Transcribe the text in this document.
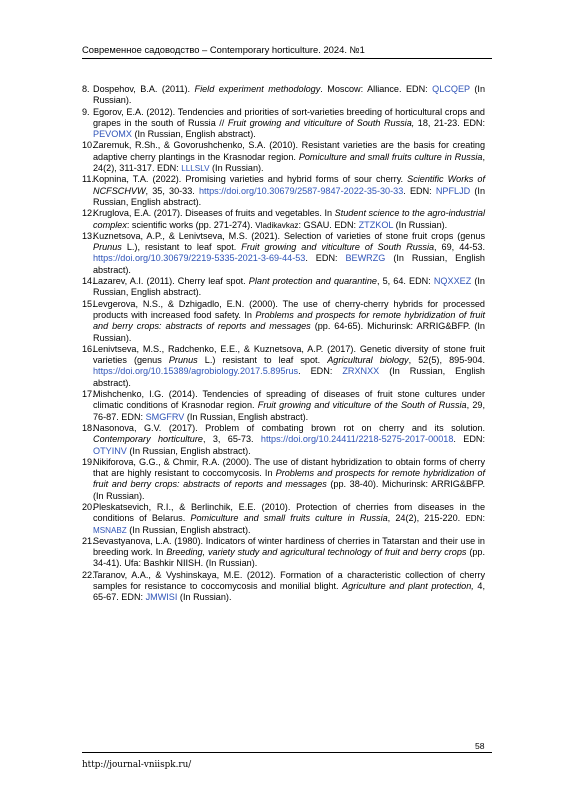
Современное садоводство – Contemporary horticulture. 2024. №1
8. Dospehov, B.A. (2011). Field experiment methodology. Moscow: Alliance. EDN: QLCQEP (In Russian).
9. Egorov, E.A. (2012). Tendencies and priorities of sort-varieties breeding of horticultural crops and grapes in the south of Russia // Fruit growing and viticulture of South Russia, 18, 21-23. EDN: PEVOMX (In Russian, English abstract).
10.
Zaremuk, R.Sh., & Govorushchenko, S.A. (2010). Resistant varieties are the basis for creating adaptive cherry plantings in the Krasnodar region. Pomiculture and small fruits culture in Russia, 24(2), 311-317. EDN: LLLSLV (In Russian).
11. Kopnina, T.A. (2022). Promising varieties and hybrid forms of sour cherry. Scientific Works of NCFSCHVW, 35, 30-33. https://doi.org/10.30679/2587-9847-2022-35-30-33. EDN: NPFLJD (In Russian, English abstract).
12.
Kruglova, E.A. (2017). Diseases of fruits and vegetables. In Student science to the agro-industrial complex: scientific works (pp. 271-274). Vladikavkaz: GSAU. EDN: ZTZKOL (In Russian).
13.
Kuznetsova, A.P., & Lenivtseva, M.S. (2021). Selection of varieties of stone fruit crops (genus Prunus L.), resistant to leaf spot. Fruit growing and viticulture of South Russia, 69, 44-53. https://doi.org/10.30679/2219-5335-2021-3-69-44-53. EDN: BEWRZG (In Russian, English abstract).
14.
Lazarev, A.I. (2011). Cherry leaf spot. Plant protection and quarantine, 5, 64. EDN: NQXXEZ (In Russian, English abstract).
15.
Levgerova, N.S., & Dzhigadlo, E.N. (2000). The use of cherry-cherry hybrids for processed products with increased food safety. In Problems and prospects for remote hybridization of fruit and berry crops: abstracts of reports and messages (pp. 64-65). Michurinsk: ARRIG&BFP. (In Russian).
16.
Lenivtseva, M.S., Radchenko, E.E., & Kuznetsova, A.P. (2017). Genetic diversity of stone fruit varieties (genus Prunus L.) resistant to leaf spot. Agricultural biology, 52(5), 895-904. https://doi.org/10.15389/agrobiology.2017.5.895rus. EDN: ZRXNXX (In Russian, English abstract).
17.
Mishchenko, I.G. (2014). Tendencies of spreading of diseases of fruit stone cultures under climatic conditions of Krasnodar region. Fruit growing and viticulture of the South of Russia, 29, 76-87. EDN: SMGFRV (In Russian, English abstract).
18.
Nasonova, G.V. (2017). Problem of combating brown rot on cherry and its solution. Contemporary horticulture, 3, 65-73. https://doi.org/10.24411/2218-5275-2017-00018. EDN: OTYINV (In Russian, English abstract).
19.
Nikiforova, G.G., & Chmir, R.A. (2000). The use of distant hybridization to obtain forms of cherry that are highly resistant to coccomycosis. In Problems and prospects for remote hybridization of fruit and berry crops: abstracts of reports and messages (pp. 38-40). Michurinsk: ARRIG&BFP. (In Russian).
20.
Pleskatsevich, R.I., & Berlinchik, E.E. (2010). Protection of cherries from diseases in the conditions of Belarus. Pomiculture and small fruits culture in Russia, 24(2), 215-220. EDN: MSNABZ (In Russian, English abstract).
21.
Sevastyanova, L.A. (1980). Indicators of winter hardiness of cherries in Tatarstan and their use in breeding work. In Breeding, variety study and agricultural technology of fruit and berry crops (pp. 34-41). Ufa: Bashkir NIISH. (In Russian).
22.
Taranov, A.A., & Vyshinskaya, M.E. (2012). Formation of a characteristic collection of cherry samples for resistance to coccomycosis and monilial blight. Agriculture and plant protection, 4, 65-67. EDN: JMWISI (In Russian).
58
http://journal-vniispk.ru/
